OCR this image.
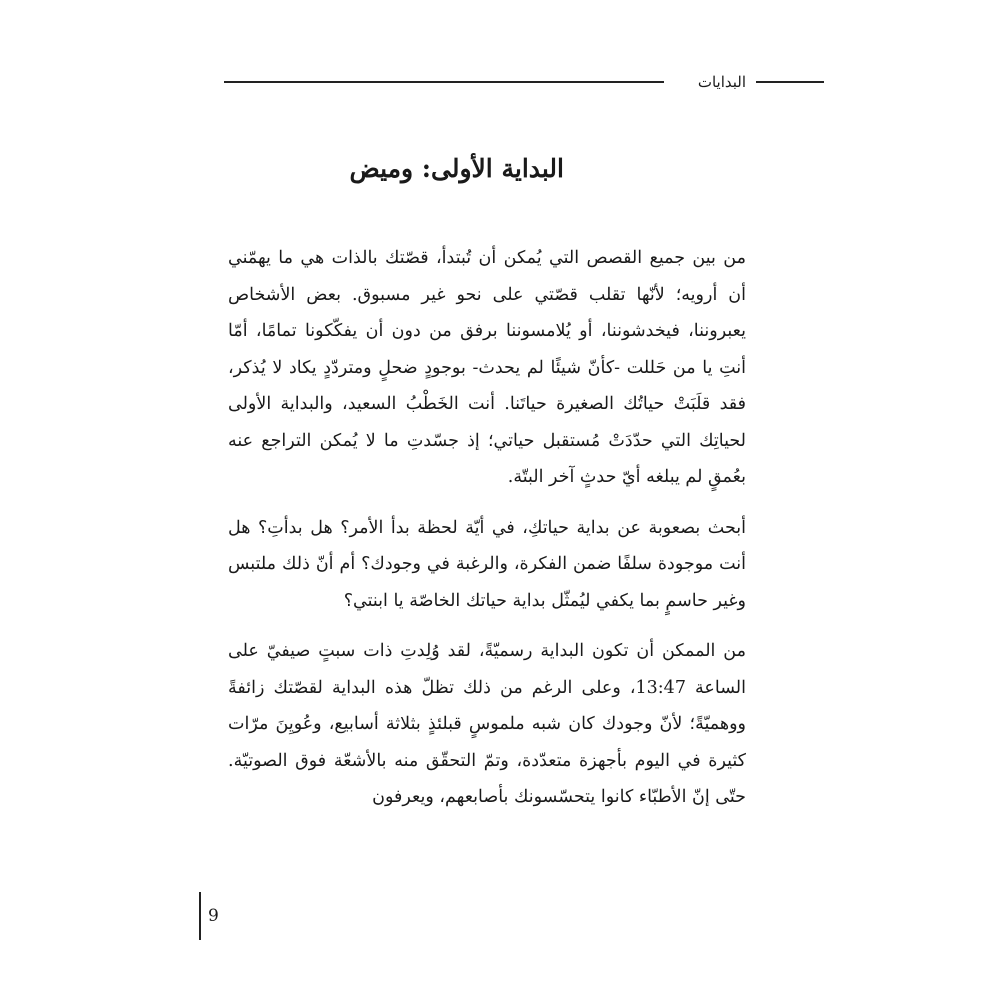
البدايات
البداية الأولى: وميض

من بين جميع القصص التي يُمكن أن تُبتدأ، قصّتك بالذات هي ما يهمّني أن أرويه؛ لأنّها تقلب قصّتي على نحو غير مسبوق. بعض الأشخاص يعبروننا، فيخدشوننا، أو يُلامسوننا برفق من دون أن يفكّكونا تمامًا، أمّا أنتِ يا من حَللت -كأنّ شيئًا لم يحدث- بوجودٍ ضحلٍ ومتردّدٍ يكاد لا يُذكر، فقد قلَبَتْ حياتُك الصغيرة حياتَنا. أنت الخَطْبُ السعيد، والبداية الأولى لحياتِك التي حدّدَتْ مُستقبل حياتي؛ إذ جسّدتِ ما لا يُمكن التراجع عنه بعُمقٍ لم يبلغه أيّ حدثٍ آخر البتّة.

أبحث بصعوبة عن بداية حياتكِ، في أيّة لحظة بدأ الأمر؟ هل بدأتِ؟ هل أنت موجودة سلفًا ضمن الفكرة، والرغبة في وجودك؟ أم أنّ ذلك ملتبس وغير حاسمٍ بما يكفي ليُمثّل بداية حياتك الخاصّة يا ابنتي؟

من الممكن أن تكون البداية رسميّةً، لقد وُلِدتِ ذات سبتٍ صيفيّ على الساعة 13:47، وعلى الرغم من ذلك تظلّ هذه البداية لقصّتك زائفةً ووهميّةً؛ لأنّ وجودك كان شبه ملموسٍ قبلئذٍ بثلاثة أسابيع، وعُويِنَ مرّات كثيرة في اليوم بأجهزة متعدّدة، وتمّ التحقّق منه بالأشعّة فوق الصوتيّة. حتّى إنّ الأطبّاء كانوا يتحسّسونك بأصابعهم، ويعرفون

9
